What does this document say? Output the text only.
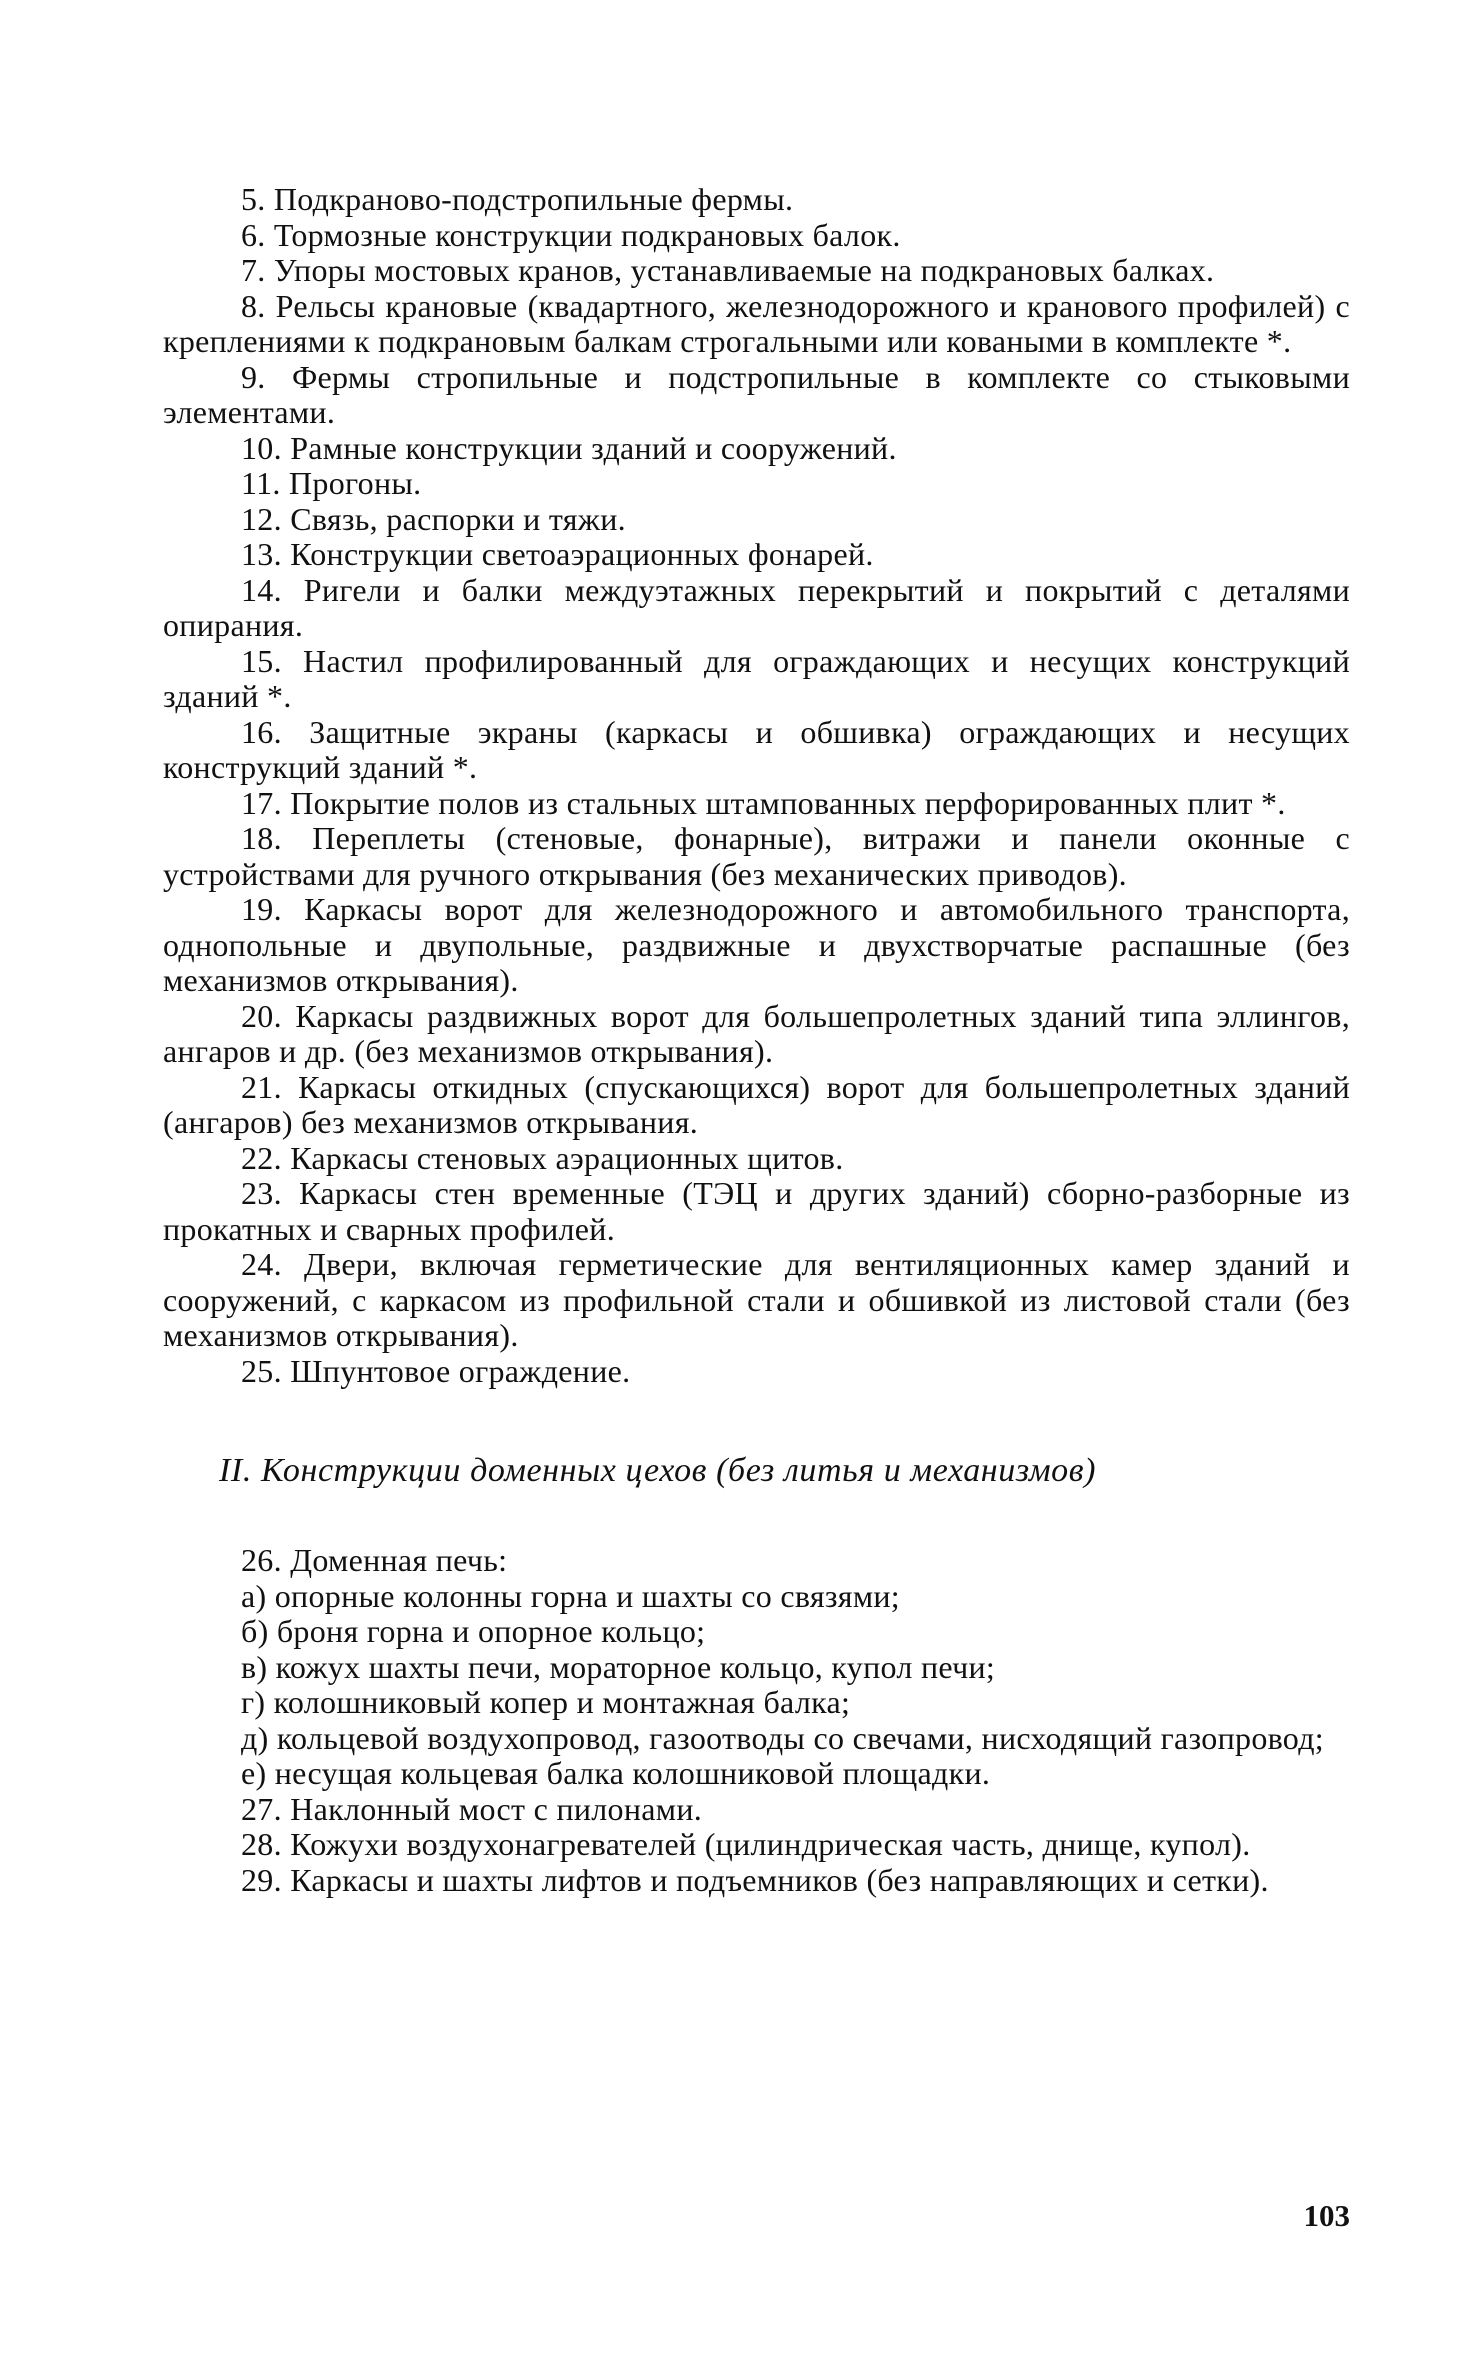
5. Подкраново-подстропильные фермы.

6. Тормозные конструкции подкрановых балок.

7. Упоры мостовых кранов, устанавливаемые на подкрановых балках.

8. Рельсы крановые (квадартного, железнодорожного и кранового профилей) с креплениями к подкрановым балкам строгальными или коваными в комплекте *.

9. Фермы стропильные и подстропильные в комплекте со стыковыми элементами.

10. Рамные конструкции зданий и сооружений.

11. Прогоны.

12. Связь, распорки и тяжи.

13. Конструкции светоаэрационных фонарей.

14. Ригели и балки междуэтажных перекрытий и покрытий с деталями опирания.

15. Настил профилированный для ограждающих и несущих конструкций зданий *.

16. Защитные экраны (каркасы и обшивка) ограждающих и несущих конструкций зданий *.

17. Покрытие полов из стальных штампованных перфорированных плит *.

18. Переплеты (стеновые, фонарные), витражи и панели оконные с устройствами для ручного открывания (без механических приводов).

19. Каркасы ворот для железнодорожного и автомобильного транспорта, однопольные и двупольные, раздвижные и двухстворчатые распашные (без механизмов открывания).

20. Каркасы раздвижных ворот для большепролетных зданий типа эллингов, ангаров и др. (без механизмов открывания).

21. Каркасы откидных (спускающихся) ворот для большепролетных зданий (ангаров) без механизмов открывания.

22. Каркасы стеновых аэрационных щитов.

23. Каркасы стен временные (ТЭЦ и других зданий) сборно-разборные из прокатных и сварных профилей.

24. Двери, включая герметические для вентиляционных камер зданий и сооружений, с каркасом из профильной стали и обшивкой из листовой стали (без механизмов открывания).

25. Шпунтовое ограждение.

II. Конструкции доменных цехов (без литья и механизмов)

26. Доменная печь:

а) опорные колонны горна и шахты со связями;

б) броня горна и опорное кольцо;

в) кожух шахты печи, мораторное кольцо, купол печи;

г) колошниковый копер и монтажная балка;

д) кольцевой воздухопровод, газоотводы со свечами, нисходящий газопровод;

е) несущая кольцевая балка колошниковой площадки.

27. Наклонный мост с пилонами.

28. Кожухи воздухонагревателей (цилиндрическая часть, днище, купол).

29. Каркасы и шахты лифтов и подъемников (без направляющих и сетки).

103
